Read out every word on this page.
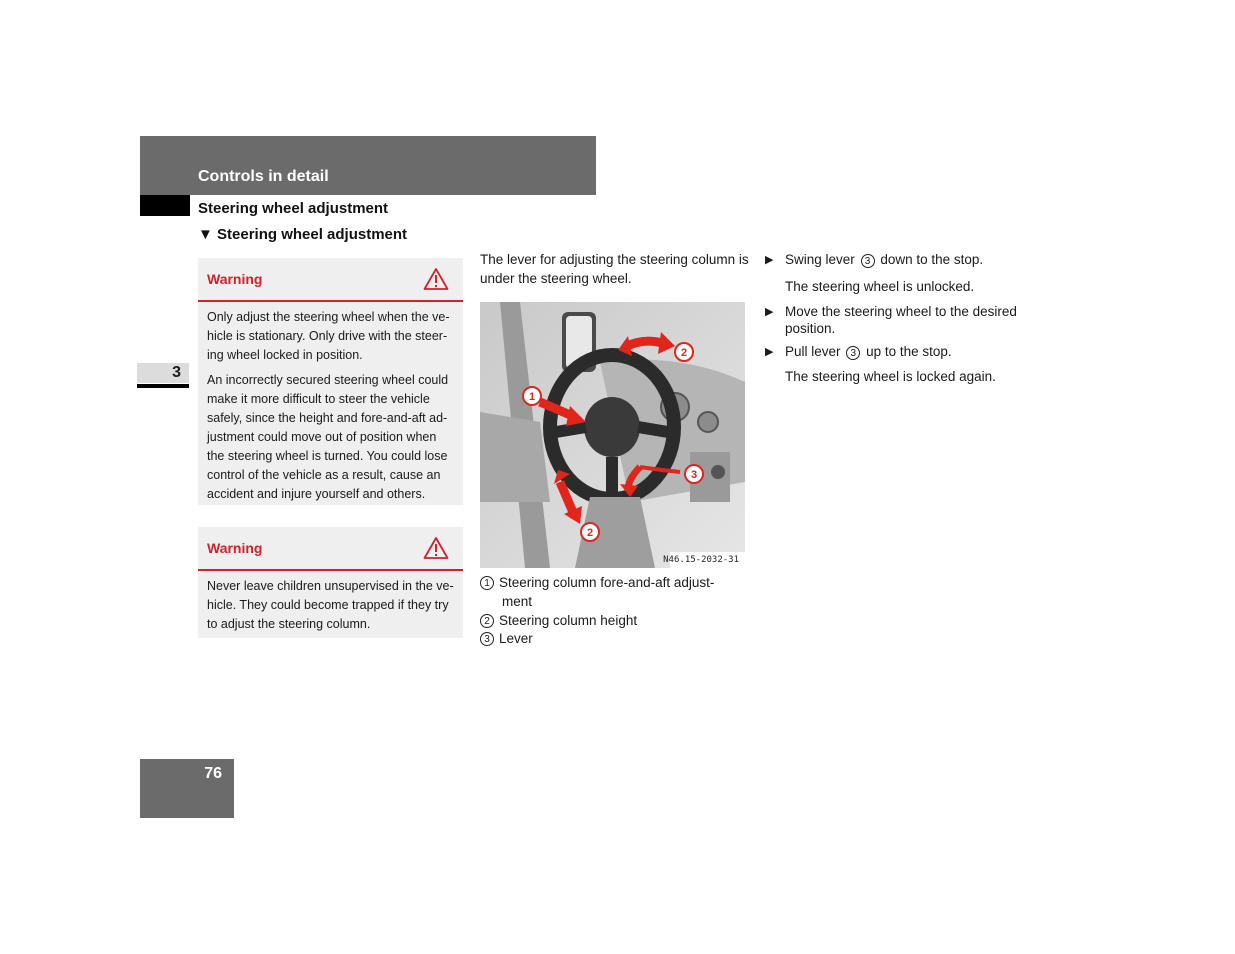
Controls in detail
Steering wheel adjustment
▼ Steering wheel adjustment
3
Warning

Only adjust the steering wheel when the ve-hicle is stationary. Only drive with the steer-ing wheel locked in position.

An incorrectly secured steering wheel could make it more difficult to steer the vehicle safely, since the height and fore-and-aft ad-justment could move out of position when the steering wheel is turned. You could lose control of the vehicle as a result, cause an accident and injure yourself and others.

Warning

Never leave children unsupervised in the ve-hicle. They could become trapped if they try to adjust the steering column.

The lever for adjusting the steering column is under the steering wheel.
1
2
3
2
N46.15-2032-31
1 Steering column fore-and-aft adjust-
ment
2 Steering column height
3 Lever
▶ Swing lever 3 down to the stop.
The steering wheel is unlocked.
▶ Move the steering wheel to the desired position.
▶ Pull lever 3 up to the stop.
The steering wheel is locked again.
76
